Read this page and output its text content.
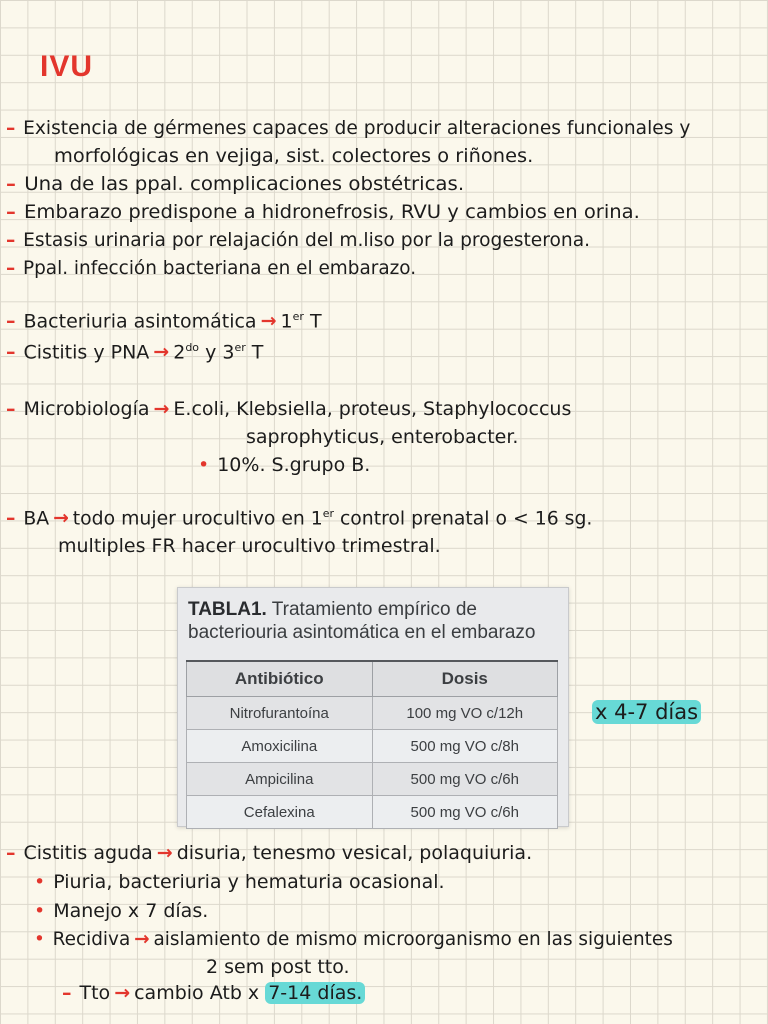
IVU
– Existencia de gérmenes capaces de producir alteraciones funcionales y
morfológicas en vejiga, sist. colectores o riñones.
– Una de las ppal. complicaciones obstétricas.
– Embarazo predispone a hidronefrosis, RVU y cambios en orina.
– Estasis urinaria por relajación del m.liso por la progesterona.
– Ppal. infección bacteriana en el embarazo.
– Bacteriuria asintomática → 1er T
– Cistitis y PNA → $2^{do}$ y 3er T
– Microbiología → E.coli, Klebsiella, proteus, Staphylococcus
saprophyticus, enterobacter.
• 10%. S.grupo B.
– BA → todo mujer urocultivo en 1er control prenatal o < 16 sg.
multiples FR hacer urocultivo trimestral.
TABLA1. Tratamiento empírico de bacteriouria asintomática en el embarazo
Antibiótico	Dosis
Nitrofurantoína	100 mg VO c/12h
Amoxicilina	500 mg VO c/8h
Ampicilina	500 mg VO c/6h
Cefalexina	500 mg VO c/6h
x 4-7 días
– Cistitis aguda → disuria, tenesmo vesical, polaquiuria.
• Piuria, bacteriuria y hematuria ocasional.
• Manejo x 7 días.
• Recidiva → aislamiento de mismo microorganismo en las siguientes
2 sem post tto.
– Tto → cambio Atb x 7-14 días.
